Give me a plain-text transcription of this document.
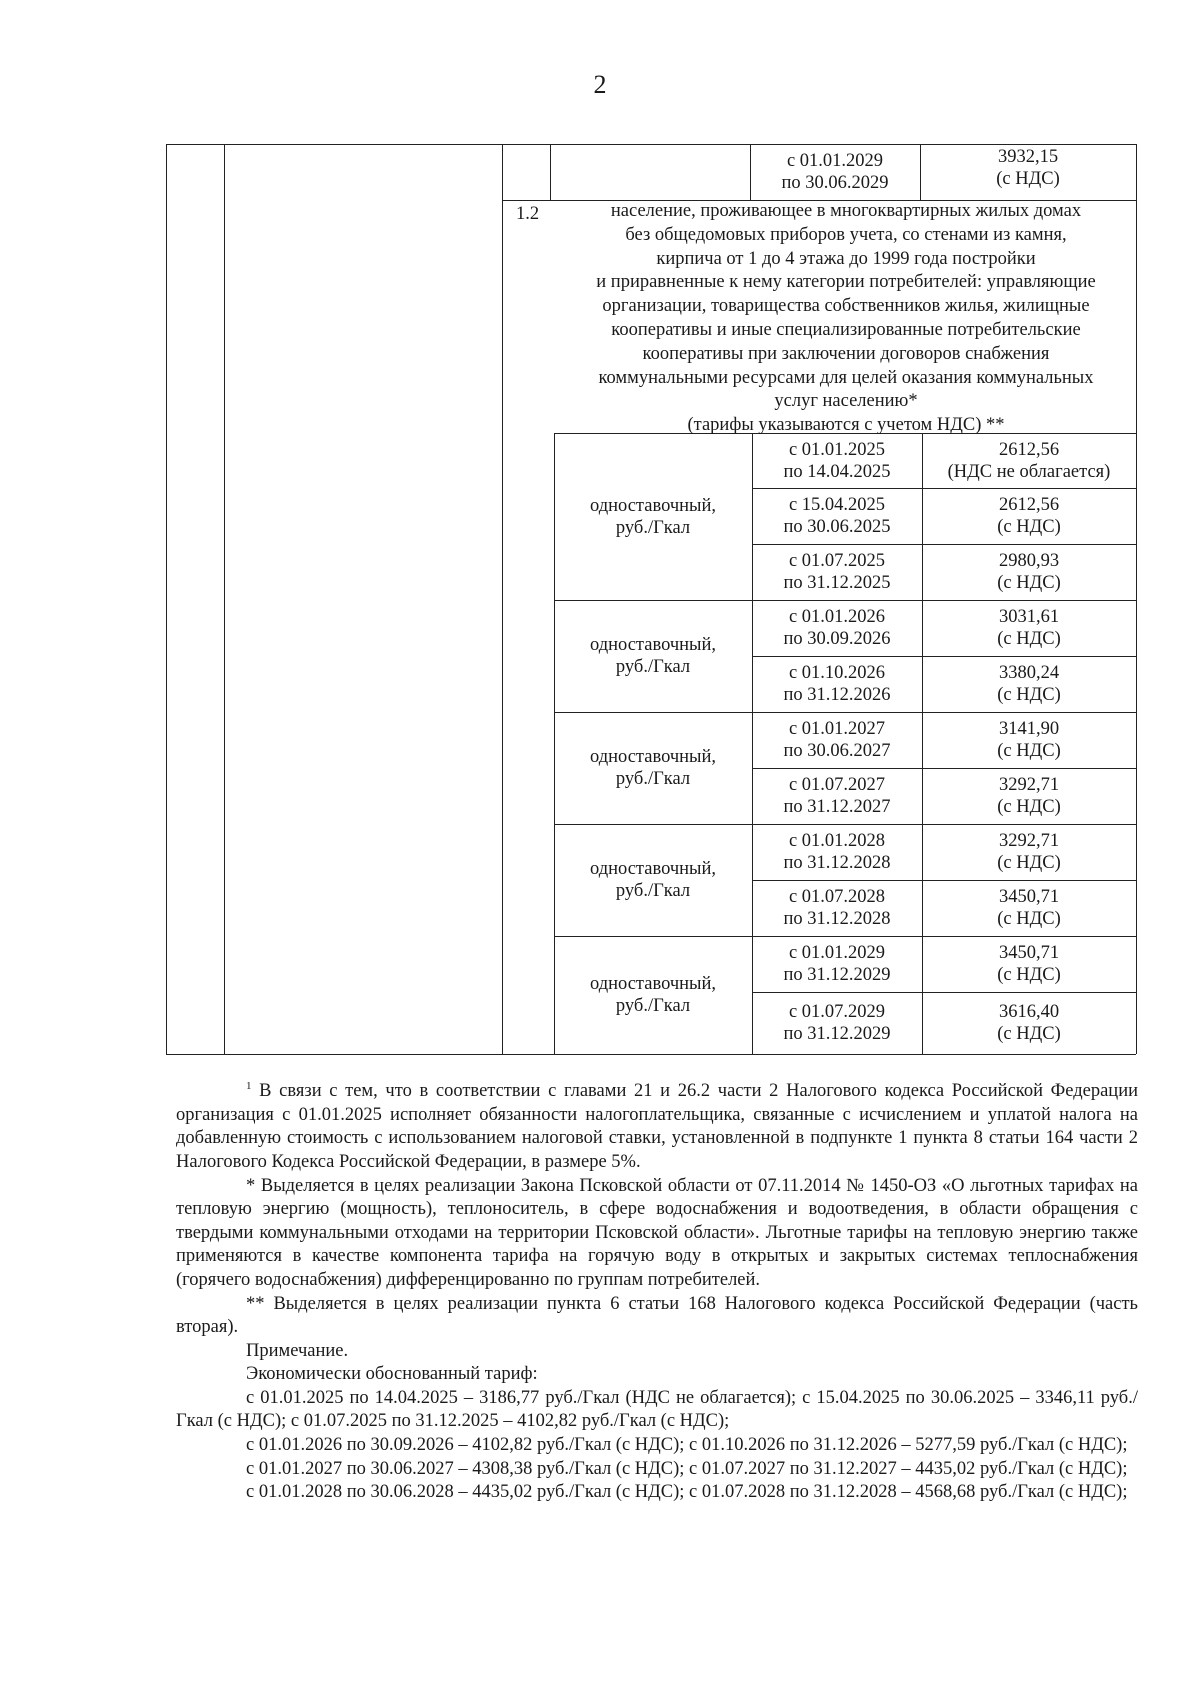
2
с 01.01.2029
по 30.06.2029
3932,15
(с НДС)
1.2	население, проживающее в многоквартирных жилых домах
без общедомовых приборов учета, со стенами из камня,
кирпича от 1 до 4 этажа до 1999 года постройки
и приравненные к нему категории потребителей: управляющие
организации, товарищества собственников жилья, жилищные
кооперативы и иные специализированные потребительские
кооперативы при заключении договоров снабжения
коммунальными ресурсами для целей оказания коммунальных
услуг населению*
(тарифы указываются с учетом НДС) **
одноставочный,
руб./Гкал
с 01.01.2025
по 14.04.2025
2612,56
(НДС не облагается)
с 15.04.2025
по 30.06.2025
2612,56
(с НДС)
с 01.07.2025
по 31.12.2025
2980,93
(с НДС)
одноставочный,
руб./Гкал
с 01.01.2026
по 30.09.2026
3031,61
(с НДС)
с 01.10.2026
по 31.12.2026
3380,24
(с НДС)
одноставочный,
руб./Гкал
с 01.01.2027
по 30.06.2027
3141,90
(с НДС)
с 01.07.2027
по 31.12.2027
3292,71
(с НДС)
одноставочный,
руб./Гкал
с 01.01.2028
по 31.12.2028
3292,71
(с НДС)
с 01.07.2028
по 31.12.2028
3450,71
(с НДС)
одноставочный,
руб./Гкал
с 01.01.2029
по 31.12.2029
3450,71
(с НДС)
с 01.07.2029
по 31.12.2029
3616,40
(с НДС)

$^1$ В связи с тем, что в соответствии с главами 21 и 26.2 части 2 Налогового кодекса Российской Федерации организация с 01.01.2025 исполняет обязанности налогоплательщика, связанные с исчислением и уплатой налога на добавленную стоимость с использованием налоговой ставки, установленной в подпункте 1 пункта 8 статьи 164 части 2 Налогового Кодекса Российской Федерации, в размере 5%.

* Выделяется в целях реализации Закона Псковской области от 07.11.2014 № 1450-ОЗ «О льготных тарифах на тепловую энергию (мощность), теплоноситель, в сфере водоснабжения и водоотведения, в области обращения с твердыми коммунальными отходами на территории Псковской области». Льготные тарифы на тепловую энергию также применяются в качестве компонента тарифа на горячую воду в открытых и закрытых системах теплоснабжения (горячего водоснабжения) дифференцированно по группам потребителей.

** Выделяется в целях реализации пункта 6 статьи 168 Налогового кодекса Российской Федерации (часть вторая).

Примечание.

Экономически обоснованный тариф:

с 01.01.2025 по 14.04.2025 – 3186,77 руб./Гкал (НДС не облагается); с 15.04.2025 по 30.06.2025 – 3346,11 руб./Гкал (с НДС); с 01.07.2025 по 31.12.2025 – 4102,82 руб./Гкал (с НДС);

с 01.01.2026 по 30.09.2026 – 4102,82 руб./Гкал (с НДС); с 01.10.2026 по 31.12.2026 – 5277,59 руб./Гкал (с НДС);

с 01.01.2027 по 30.06.2027 – 4308,38 руб./Гкал (с НДС); с 01.07.2027 по 31.12.2027 – 4435,02 руб./Гкал (с НДС);

с 01.01.2028 по 30.06.2028 – 4435,02 руб./Гкал (с НДС); с 01.07.2028 по 31.12.2028 – 4568,68 руб./Гкал (с НДС);
